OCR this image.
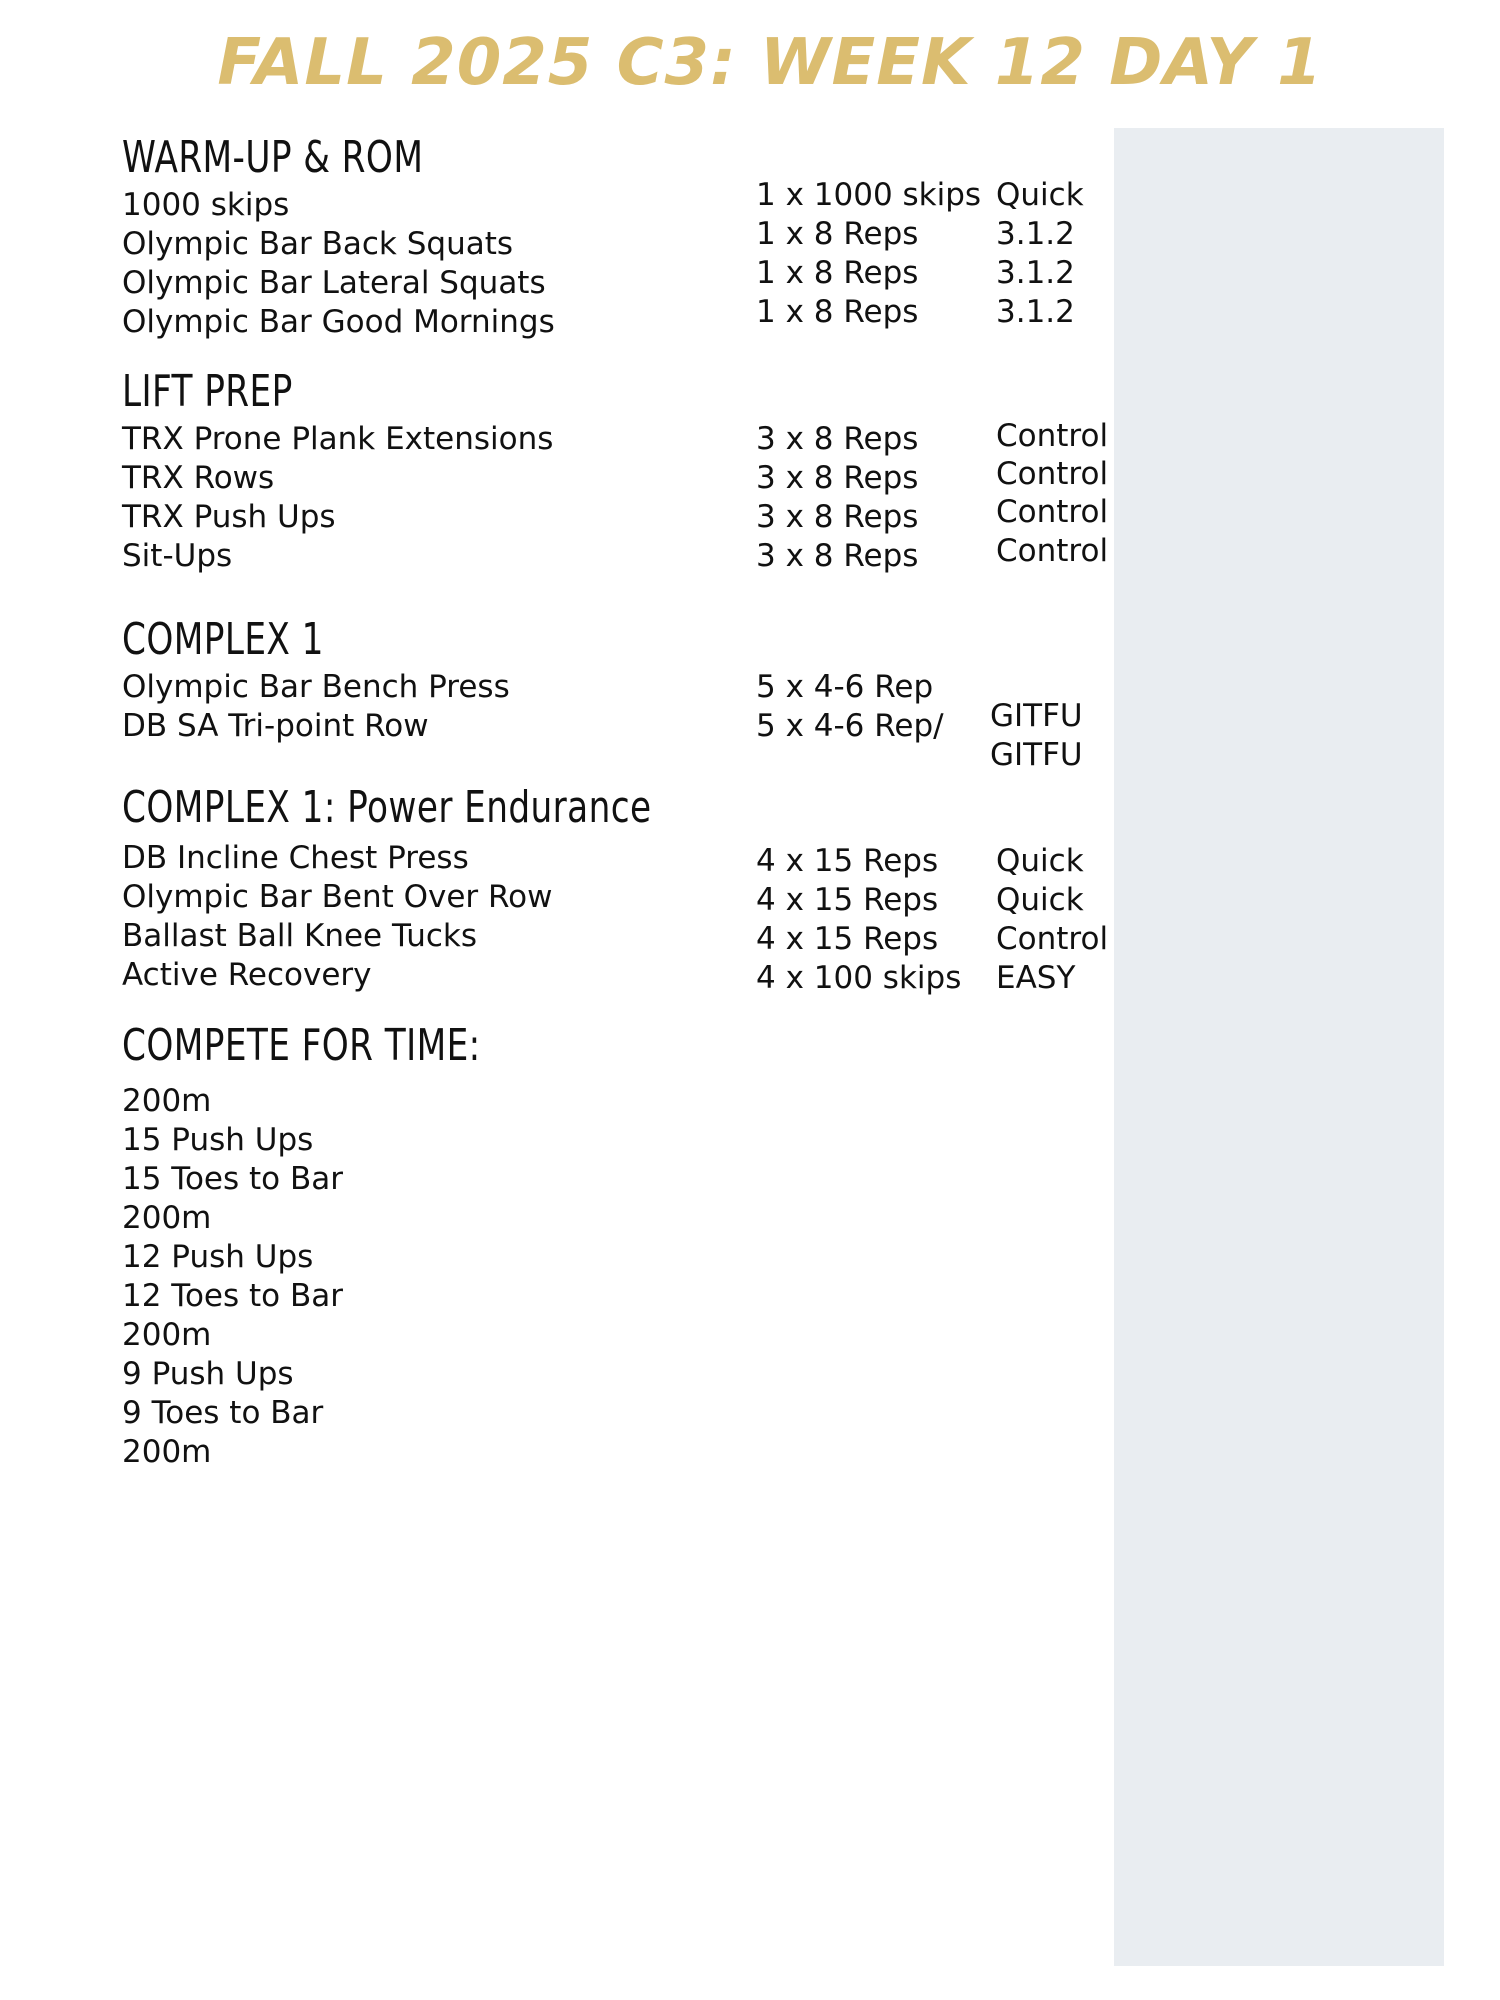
FALL 2025 C3: WEEK 12 DAY 1
WARM-UP & ROM
1000 skips	1 x 1000 skips Quick
Olympic Bar Back Squats	1 x 8 Reps	3.1.2
Olympic Bar Lateral Squats	1 x 8 Reps	3.1.2
Olympic Bar Good Mornings	1 x 8 Reps	3.1.2
LIFT PREP
TRX Prone Plank Extensions	3 x 8 Reps	Control
TRX Rows	3 x 8 Reps	Control
TRX Push Ups	3 x 8 Reps	Control
Sit-Ups	3 x 8 Reps	Control
COMPLEX 1
Olympic Bar Bench Press	5 x 4-6 Rep
DB SA Tri-point Row	5 x 4-6 Rep/ GITFU
GITFU
COMPLEX 1: Power Endurance
DB Incline Chest Press	4 x 15 Reps Quick
Olympic Bar Bent Over Row	4 x 15 Reps Quick
Ballast Ball Knee Tucks	4 x 15 Reps Control
Active Recovery	4 x 100 skips EASY
COMPETE FOR TIME:
200m
15 Push Ups
15 Toes to Bar
200m
12 Push Ups
12 Toes to Bar
200m
9 Push Ups
9 Toes to Bar
200m
